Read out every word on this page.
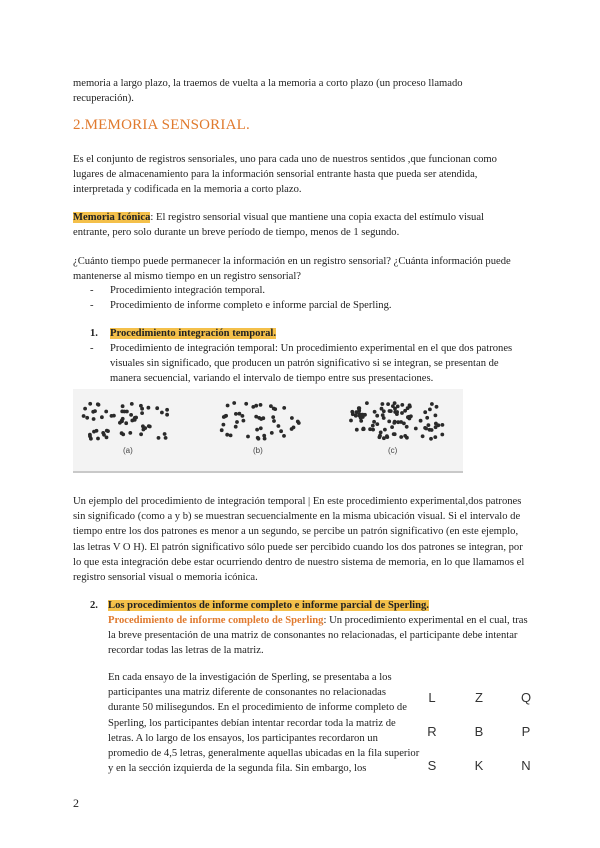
memoria a largo plazo, la traemos de vuelta a la memoria a corto plazo (un proceso llamado recuperación).

2.MEMORIA SENSORIAL.

Es el conjunto de registros sensoriales, uno para cada uno de nuestros sentidos ,que funcionan como lugares de almacenamiento para la información sensorial entrante hasta que pueda ser atendida, interpretada y codificada en la memoria a corto plazo.

Memoria Icónica: El registro sensorial visual que mantiene una copia exacta del estímulo visual entrante, pero solo durante un breve período de tiempo, menos de 1 segundo.

¿Cuánto tiempo puede permanecer la información en un registro sensorial? ¿Cuánta información puede mantenerse al mismo tiempo en un registro sensorial?

- Procedimiento integración temporal.
- Procedimiento de informe completo e informe parcial de Sperling.
1. Procedimiento integración temporal.
- Procedimiento de integración temporal: Un procedimiento experimental en el que dos patrones visuales sin significado, que producen un patrón significativo si se integran, se presentan de manera secuencial, variando el intervalo de tiempo entre sus presentaciones.
(a)	(b)	(c)

Un ejemplo del procedimiento de integración temporal | En este procedimiento experimental,dos patrones sin significado (como a y b) se muestran secuencialmente en la misma ubicación visual. Si el intervalo de tiempo entre los dos patrones es menor a un segundo, se percibe un patrón significativo (en este ejemplo, las letras V O H). El patrón significativo sólo puede ser percibido cuando los dos patrones se integran, por lo que esta integración debe estar ocurriendo dentro de nuestro sistema de memoria, en lo que llamamos el registro sensorial visual o memoria icónica.

2. Los procedimientos de informe completo e informe parcial de Sperling.

Procedimiento de informe completo de Sperling: Un procedimiento experimental en el cual, tras la breve presentación de una matriz de consonantes no relacionadas, el participante debe intentar recordar todas las letras de la matriz.

En cada ensayo de la investigación de Sperling, se presentaba a los participantes una matriz diferente de consonantes no relacionadas durante 50 milisegundos. En el procedimiento de informe completo de Sperling, los participantes debían intentar recordar toda la matriz de letras. A lo largo de los ensayos, los participantes recordaron un promedio de 4,5 letras, generalmente aquellas ubicadas en la fila superior y en la sección izquierda de la segunda fila. Sin embargo, los

L	Z	Q
R	B	P
S	K	N
2
